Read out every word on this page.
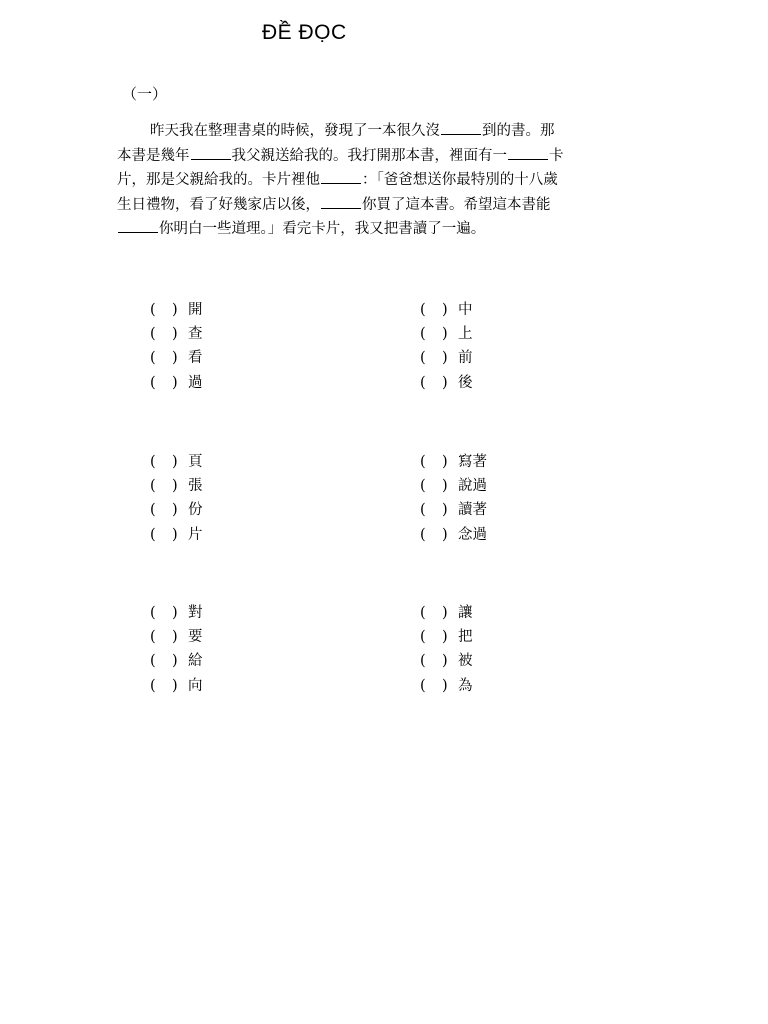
ĐỀ ĐỌC
（一）
昨天我在整理書桌的時候，發現了一本很久沒	到的書。那
本書是幾年	我父親送給我的。我打開那本書，裡面有一	卡
片，那是父親給我的。卡片裡他	：「爸爸想送你最特別的十八歲
生日禮物，看了好幾家店以後，	你買了這本書。希望這本書能
你明白一些道理。」看完卡片，我又把書讀了一遍。
( ) 開
( ) 查
( ) 看
( ) 過
( ) 中
( ) 上
( ) 前
( ) 後
( ) 頁
( ) 張
( ) 份
( ) 片
( ) 寫著
( ) 說過
( ) 讀著
( ) 念過
( ) 對
( ) 要
( ) 給
( ) 向
( ) 讓
( ) 把
( ) 被
( ) 為
